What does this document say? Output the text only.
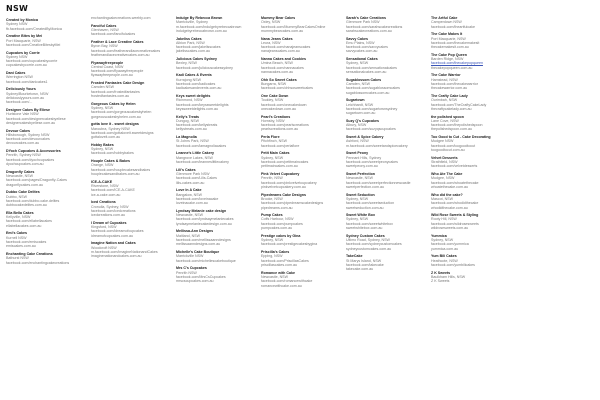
NSW
Created by Monica
Sydney NSW
fb.facebook.com/CreatedByMonica
Creative Bites by Mei
Port Macquarie, NSW
facebook.com/CreativeBitesbyMei
Cupcakes by Corrie
Sydney NSW
facebook.com/cupcakesbycorrie
cupcakesbycorrie.com.au
Dani Cakes
Werrington NSW
facebook.com/danicakes1
Deliciously Yours
Sydney/Bourketown, NSW
deliciouslyyours.com.au
facebook.com/...
Designer Cakes By Eliese
Hurlstone Vale NSW
facebook.com/designercakesbyeliese
designercakesbyeliese.com.au
Devour Cakes
Hillsborough, Sydney NSW
facebook.com/devourcakes
devourcakes.com.au
DYoch Cupcakes & Accessories
Penrith, Sydney NSW
facebook.com/dyochcupcakes
dyochcupcakes.com.au
Dragonfly Cakes
Newcastle, NSW
facebook.com/pages/Dragonfly-Cakes
dragonflycakes.com.au
Dubbo Cake Delites
Dubbo, NSW
facebook.com/dubbo.cake.delites
dubbocakedelites.com.au
Ella Bella Cakes
Kellyville, NSW
facebook.com/ellabellacakes
ellabellacakes.com.au
Emi's Cakes
Kurnell NSW
facebook.com/emiscakes
emiscakes.com.au
Enchanting Cake Creations
Bathurst NSW
facebook.com/enchantingcakecreations
enchantingcakecreations.weebly.com
Fanciful Cakes
Glenhaven, NSW
facebook.com/fancifulcakes
Feather & Lace Creative Cakes
Byron Bay, NSW
facebook.com/featherandlacecreativecakes
featherandlacecreativecakes.com.au
Flyawayfreepeople
Central Coast, NSW
facebook.com/flyawayfreepeople
flyawayfreepeople.com.au
Frosted Fantasies Cake Design
Camden NSW
facebook.com/frostedfantasies
frostedfantasies.com.au
Gorgeous Cakes by Helen
Sydney, NSW
facebook.com/gorgeouscakesbyhelen
gorgeouscakesbyhelen.com.au
gotta love it - sweet designs
Maroubra, Sydney NSW
facebook.com/gottaloveit.sweetdesigns
gottaloveit.com.au
Hobby Bakes
Sydney, NSW
facebook.com/hobbybakes
Houple Cakes & Bakes
Orange, NSW
facebook.com/houplecakesandbakes
houplecakesandbakes.com.au
ICE-A-CAKE
Riverstone, NSW
facebook.com/ICE-A-CAKE
ice-a-cake.com.au
Iced Creations
Cronulla, Sydney, NSW
facebook.com/icedcreations
icedcreations.com.au
I Dream of Cupcakes
Kingsford, NSW
facebook.com/idreamofcupcakes
idreamofcupcakes.com.au
Imagine Nation and Cakes
Woodcroft NSW
m.facebook.com/ImagineNationandCakes
imaginenationandcakes.com.au
Indulge By Rebecca Brown
Marrickville, Sydney
m.facebook.com/indulgebyrebeccabrown
indulgebyrebeccabrown.com.au
Jakeliss Cakes
Albion Park, NSW
facebook.com/jakelisscakes
jakelisscakes.com.au
Julicious Cakes Sydney
Bexley, NSW
facebook.com/juliciouscakessydney
Kadi Cakes & Events
Kurrajong NSW
facebook.com/kadicakes
kadicakesandevents.com.au
Keys sweet delights
Richmond, NSW
facebook.com/keyssweetdelights
keyssweetdelights.com.au
Kelly's Treats
Dungog, NSW
facebook.com/kellystreats
kellystreats.com.au
La Magnolia
St Johns Park, NSW
facebook.com/lamagnoliacakes
Leanne's Little Cakery
Mangrove Lakes, NSW
facebook.com/leanneslittlecakery
Lili's Cakes
Glenmore Park NSW
facebook.com/Lilis-Cakes
lilis-cakes.com.au
Love In A Cake
Bangalow, NSW
facebook.com/loveinacake
loveinacake.com.au
Lyndsay Melanie cake design
Newcastle, NSW
facebook.com/lyndsaymelaniecakes
lyndsaymelaniecakedesign.com.au
Mellissa-Ann Designs
Maitland, NSW
facebook.com/mellissaanndesigns
mellissaanndesigns.com.au
Michelle's Cake Boutique
Marrickville NSW
facebook.com/michellescakeboutique
Mrs C's Cupcakes
Penrith NSW
facebook.com/MrsCsCupcakes
mrscscupcakes.com.au
Mummy Bear Cakes
Oxley, NSW
facebook.com/MummyBearCakesOnline
mummybearcakes.com.au
Nana Jeans Cakes
Leura, NSW
facebook.com/nanajeanscakes
nanajeanscakes.com.au
Nanna Cakes and Cookies
Umina Beach, NSW
facebook.com/nannacakes
nannacakes.com.au
Ohh So Sweet Cakes
Bungarra, NSW
facebook.com/ohhsosweetcakes
One Cake Down
Toukley, NSW
facebook.com/onecakedown
onecakedown.com.au
Pearl's Creations
Hornsby, NSW
facebook.com/pearlscreations
pearlscreations.com.au
Perla Flore
Pitchfinch, NSW
facebook.com/perlaflore
Petit Main Cakes
Sydney, NSW
facebook.com/petitmaincakes
petitmaincakes.com.au
Pink Velvet Cupcakery
Penrith, NSW
facebook.com/pinkvelvetcupcakery
pinkvelvetcupcakery.com.au
Pipedreams Cake Designs
Brooke, NSW
facebook.com/pipedreamscakedesigns
pipedreams.com.au
Pump Cakes
Coffs Harbour, NSW
facebook.com/pumpcakes
pumpcakes.com.au
Prestige cakes by Gina
Sydney, NSW
facebook.com/prestigecakesbygina
Priscilla's Cakes
Epping, NSW
facebook.com/PriscillasCakes
priscillascakes.com.au
Romance with Cake
Newcastle, NSW
facebook.com/romancewithcake
romancewithcake.com.au
Sarah's Cake Creations
Glenmore Park NSW
facebook.com/sarahscakecreations
sarahscakecreations.com.au
Savvy Cakes
Emu Plains, NSW
facebook.com/savvycakes
savvycakes.com.au
Sensational Cakes
Sydney, NSW
facebook.com/sensationalcakes
sensationalcakes.com.au
Sugablossom Cakes
Camden, NSW
facebook.com/sugablossomcakes
sugablossomcakes.com.au
Sugartown
Leichhardt, NSW
facebook.com/sugartownsydney
sugartown.com.au
Suzy Q's Cupcakes
Albury, NSW
facebook.com/suzyqscupcakes
Sweet & Spice Cakery
Ashford, NSW
m.facebook.com/sweetandspicecakery
Sweet Peony
Pennant Hills, Sydney
facebook.com/sweetpeonycakes
sweetpeony.com.au
Sweet Perfection
Newcastle, NSW
facebook.com/sweetperfectionnewcastle
sweetperfection.com.au
Sweet Seduction
Sydney, NSW
facebook.com/sweetseduction
sweetseduction.com.au
Sweet White Box
Sydney, NSW
facebook.com/sweetwhitebox
sweetwhitebox.com.au
Sydney Custom Cakes
Ultimo Road, Sydney, NSW
facebook.com/sydneycustomcakes
sydneycustomcakes.com.au
TakeCake
St Marys Island, NSW
facebook.com/takecake
takecake.com.au
The Artful Cake
Camperdown NSW
facebook.com/theartfulcake
The Cake Makes It
Port Macquarie, NSW
facebook.com/thecakemakesit
thecakemakesit.com.au
The Cake Pop Queen
Barden Ridge, NSW
facebook.com/thecakepopqueen
thecakepopqueen.com.au
The Cake Warrior
Hamstead, NSW
facebook.com/thecakewarrior
thecakewarrior.com.au
The Crafty Cake Lady
Ourimbah, NSW
facebook.com/TheCraftyCakeLady
thecraftycakelady.com.au
the polished spoon
Lane Cove, NSW
facebook.com/thepolishedspoon
thepolishedspoon.com.au
Too Good to Cut - Cake Decorating
Mudgee NSW
facebook.com/toogoodtocut
toogoodtocut.com.au
Velvet Desserts
Strathfield, NSW
facebook.com/velvetdesserts
Who Ate The Cake
Mudgee, NSW
facebook.com/whoatethecake
whoatethecake.com.au
Who did the cake?
Mascot, NSW
facebook.com/whodidthecake
whodidthecake.com.au
Wild Rose Sweets & Styling
Rooty Hill, NSW
facebook.com/wildrosesweets
wildrosesweets.com.au
Yummica
Sydney, NSW
facebook.com/yummica
yummica.com.au
Yum Bili Cakes
Heathcote, NSW
facebook.com/yumbilicakes
Z K Sweets
Baulkham Hills, NSW
Z K Sweets
